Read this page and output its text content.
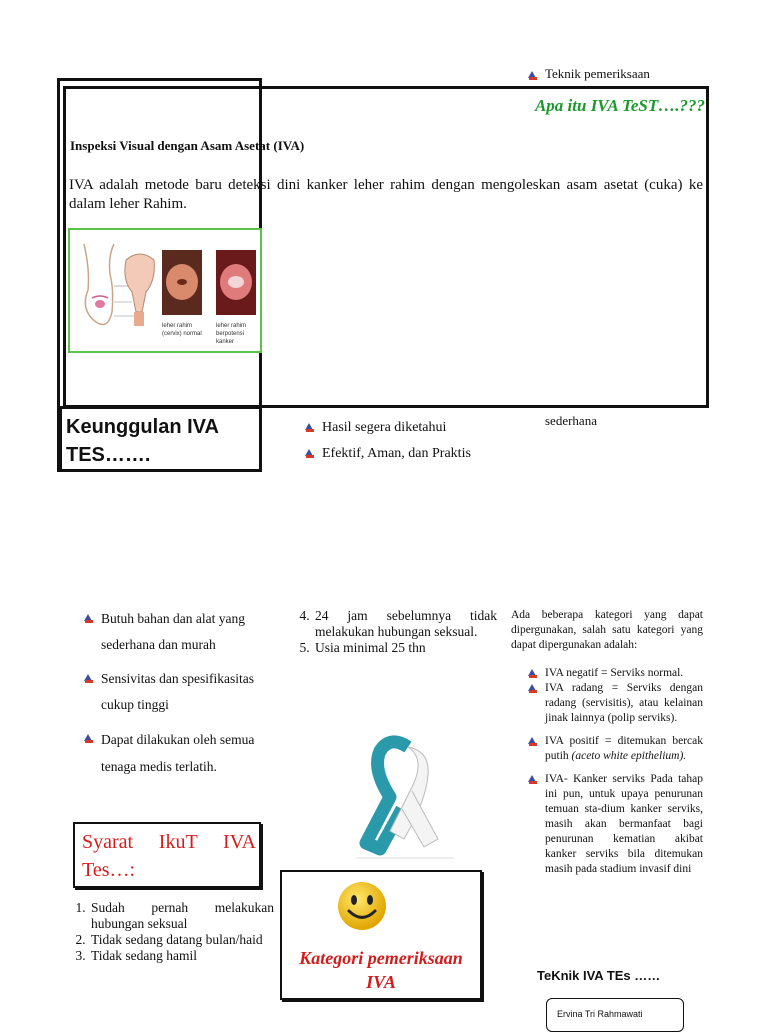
Teknik pemeriksaan
Apa itu IVA TeST….???
Inspeksi Visual dengan Asam Asetat (IVA)
IVA adalah metode baru deteksi dini kanker leher rahim dengan mengoleskan asam asetat (cuka) ke dalam leher Rahim.
leher rahim (cervix) normal
leher rahim berpotensi kanker
Keunggulan IVA TES…….
Hasil segera diketahui
Efektif, Aman, dan Praktis
sederhana
Butuh bahan dan alat yang sederhana dan murah
Sensivitas dan spesifikasitas cukup tinggi
Dapat dilakukan oleh semua tenaga medis terlatih.
Syarat IkuT IVA Tes…:
1. Sudah pernah melakukan hubungan seksual
2. Tidak sedang datang bulan/haid
3. Tidak sedang hamil
4. 24 jam sebelumnya tidak melakukan hubungan seksual.
5. Usia minimal 25 thn
Kategori pemeriksaan IVA
Ada beberapa kategori yang dapat dipergunakan, salah satu kategori yang dapat dipergunakan adalah:
IVA negatif = Serviks normal.
IVA radang = Serviks dengan radang (servisitis), atau kelainan jinak lainnya (polip serviks).
IVA positif = ditemukan bercak putih (aceto white epithelium).
IVA- Kanker serviks Pada tahap ini pun, untuk upaya penurunan temuan sta-dium kanker serviks, masih akan bermanfaat bagi penurunan kematian akibat kanker serviks bila ditemukan masih pada stadium invasif dini
TeKnik IVA TEs ……
Ervina Tri Rahmawati
